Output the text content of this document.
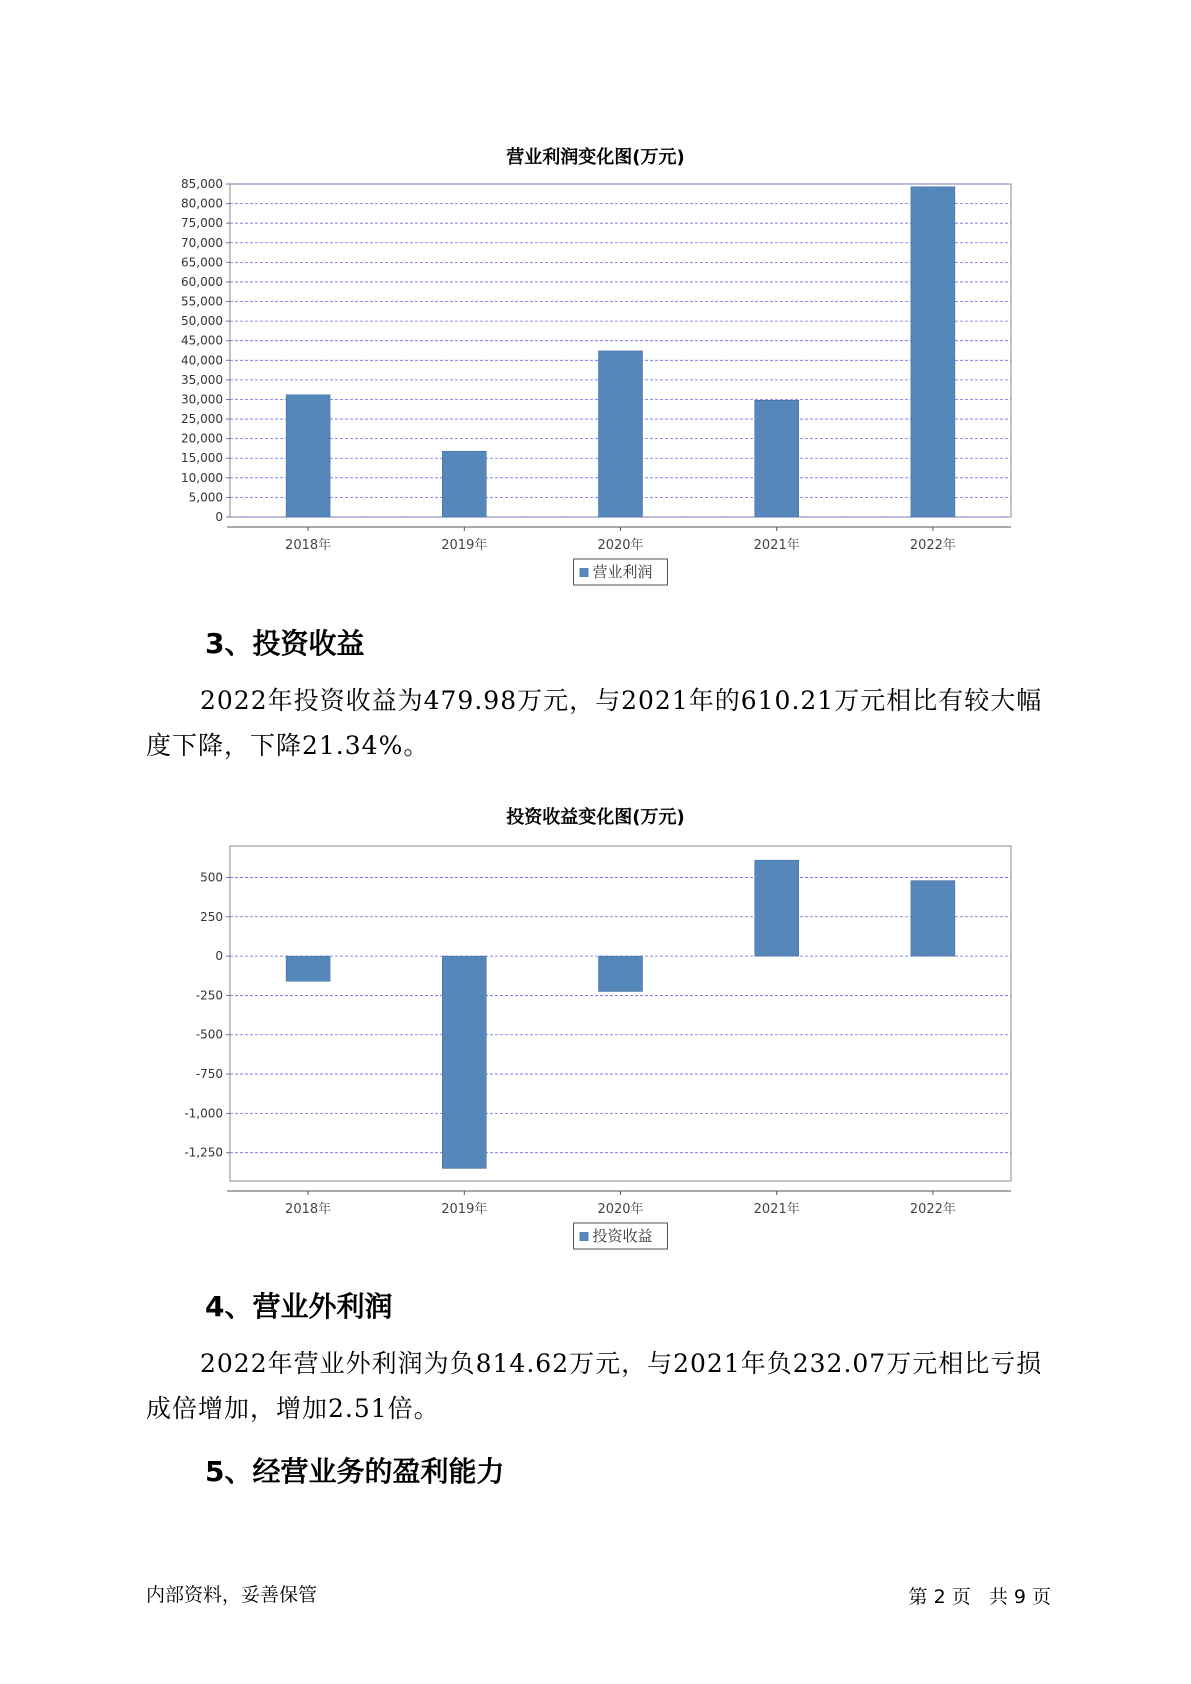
营业利润变化图(万元)
0
5,000
10,000
15,000
20,000
25,000
30,000
35,000
40,000
45,000
50,000
55,000
60,000
65,000
70,000
75,000
80,000
85,000
2018年	2019年	2020年	2021年	2022年
营业利润
3、投资收益
2022年投资收益为479.98万元，与2021年的610.21万元相比有较大幅度下降，下降21.34%。
投资收益变化图(万元)
-1,250
-1,000
-750
-500
-250
0
250
500
2018年	2019年	2020年	2021年	2022年
投资收益
4、营业外利润
2022年营业外利润为负814.62万元，与2021年负232.07万元相比亏损成倍增加，增加2.51倍。
5、经营业务的盈利能力
内部资料，妥善保管	第 2 页   共 9 页
